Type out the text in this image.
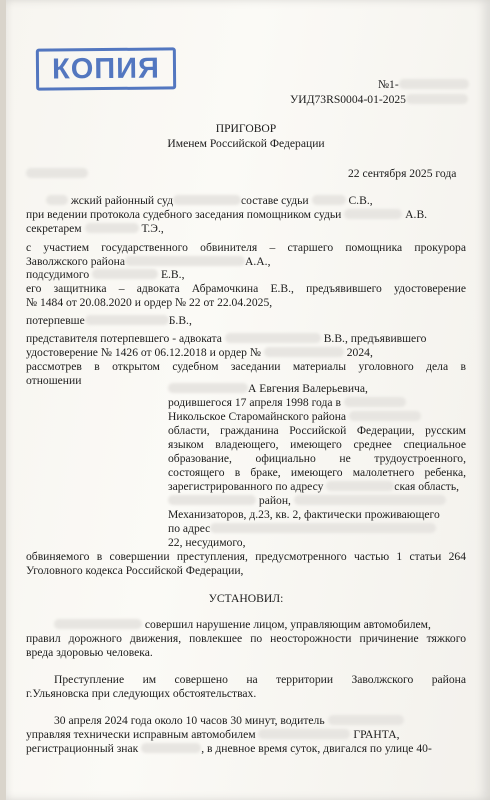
КОПИЯ	№1-
УИД73RS0004-01-2025
ПРИГОВОР
Именем Российской Федерации
22 сентября 2025 года
жский районный суд	составе судьи	С.В.,
при ведении протокола судебного заседания помощником судьи	А.В.
секретарем	Т.Э.,
с участием государственного обвинителя – старшего помощника прокурора
Заволжского района	А.А.,
подсудимого	Е.В.,
его защитника – адвоката Абрамочкина Е.В., предъявившего удостоверение
№ 1484 от 20.08.2020 и ордер № 22 от 22.04.2025,
потерпевше	Б.В.,
представителя потерпевшего - адвоката	В.В., предъявившего
удостоверение № 1426 от 06.12.2018 и ордер №	2024,
рассмотрев в открытом судебном заседании материалы уголовного дела в
отношении
А Евгения Валерьевича,
родившегося 17 апреля 1998 года в
Никольское Старомайнского района
области, гражданина Российской Федерации, русским
языком владеющего, имеющего среднее специальное
образование, официально не трудоустроенного,
состоящего в браке, имеющего малолетнего ребенка,
зарегистрированного по адресу	ская область,
район,
Механизаторов, д.23, кв. 2, фактически проживающего
по адрес
22, несудимого,
обвиняемого в совершении преступления, предусмотренного частью 1 статьи 264
Уголовного кодекса Российской Федерации,
УСТАНОВИЛ:
совершил нарушение лицом, управляющим автомобилем,
правил дорожного движения, повлекшее по неосторожности причинение тяжкого
вреда здоровью человека.
Преступление им совершено на территории Заволжского района
г.Ульяновска при следующих обстоятельствах.
30 апреля 2024 года около 10 часов 30 минут, водитель
управляя технически исправным автомобилем	ГРАНТА,
регистрационный знак	, в дневное время суток, двигался по улице 40-
